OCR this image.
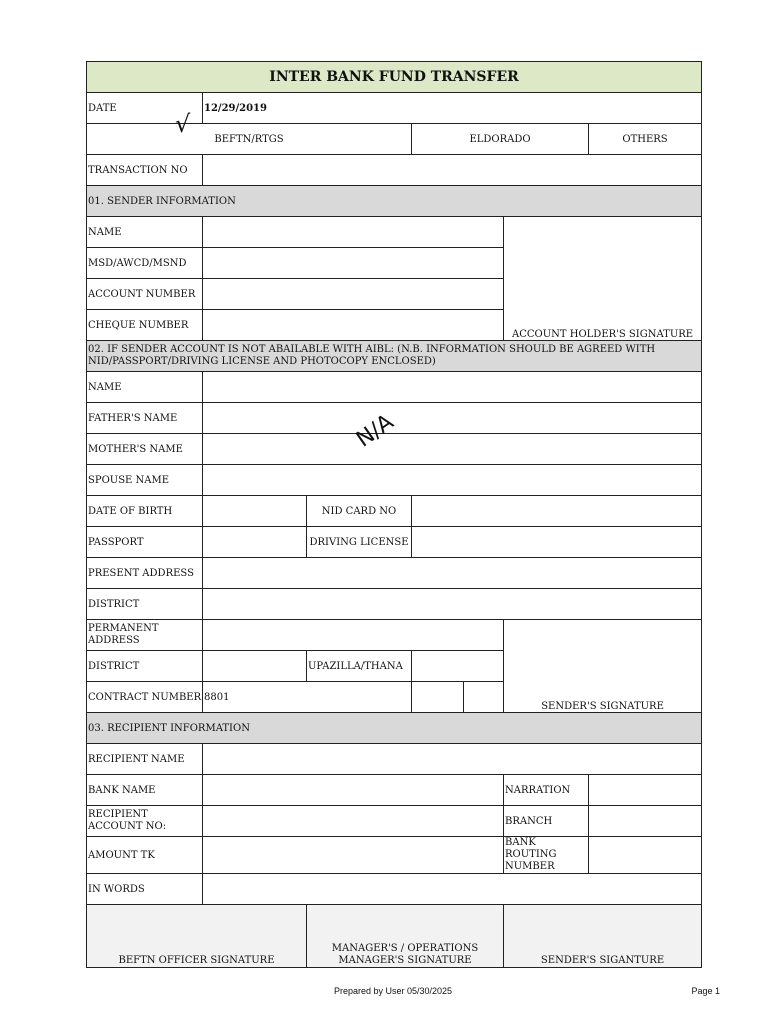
INTER BANK FUND TRANSFER						
DATE	12/29/2019					
BEFTN/RTGS			ELDORADO			OTHERS
TRANSACTION NO						
01. SENDER INFORMATION						
NAME					ACCOUNT HOLDER'S SIGNATURE	
MSD/AWCD/MSND						
ACCOUNT NUMBER						
CHEQUE NUMBER						
02. IF SENDER ACCOUNT IS NOT ABAILABLE WITH AIBL: (N.B. INFORMATION SHOULD BE AGREED WITH NID/PASSPORT/DRIVING LICENSE AND PHOTOCOPY ENCLOSED)						
NAME						
FATHER'S NAME						
MOTHER'S NAME						
SPOUSE NAME						
DATE OF BIRTH		NID CARD NO				
PASSPORT		DRIVING LICENSE				
PRESENT ADDRESS						
DISTRICT						
PERMANENT ADDRESS					SENDER'S SIGNATURE	
DISTRICT		UPAZILLA/THANA				
CONTRACT NUMBER	8801					
03. RECIPIENT INFORMATION						
RECIPIENT NAME						
BANK NAME					NARRATION	
RECIPIENT ACCOUNT NO:					BRANCH	
AMOUNT TK					BANK ROUTING NUMBER	
IN WORDS						
BEFTN OFFICER SIGNATURE		MANAGER'S / OPERATIONS MANAGER'S SIGNATURE			SENDER'S SIGANTURE	
√
N/A
Prepared by User 05/30/2025	Page 1
